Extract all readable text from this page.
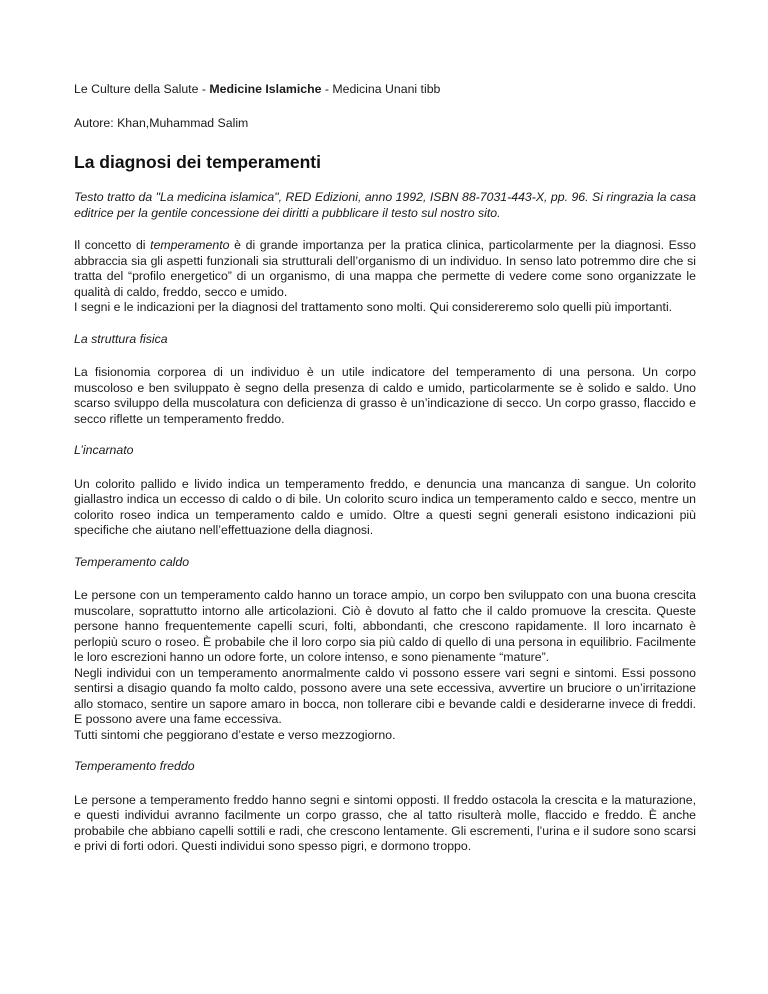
Le Culture della Salute - Medicine Islamiche - Medicina Unani tibb
Autore: Khan,Muhammad Salim
La diagnosi dei temperamenti

Testo tratto da "La medicina islamica", RED Edizioni, anno 1992, ISBN 88-7031-443-X, pp. 96. Si ringrazia la casa editrice per la gentile concessione dei diritti a pubblicare il testo sul nostro sito.

Il concetto di temperamento è di grande importanza per la pratica clinica, particolarmente per la diagnosi. Esso abbraccia sia gli aspetti funzionali sia strutturali dell’organismo di un individuo. In senso lato potremmo dire che si tratta del “profilo energetico” di un organismo, di una mappa che permette di vedere come sono organizzate le qualità di caldo, freddo, secco e umido.

I segni e le indicazioni per la diagnosi del trattamento sono molti. Qui considereremo solo quelli più importanti.

La struttura fisica

La fisionomia corporea di un individuo è un utile indicatore del temperamento di una persona. Un corpo muscoloso e ben sviluppato è segno della presenza di caldo e umido, particolarmente se è solido e saldo. Uno scarso sviluppo della muscolatura con deficienza di grasso è un’indicazione di secco. Un corpo grasso, flaccido e secco riflette un temperamento freddo.

L’incarnato

Un colorito pallido e livido indica un temperamento freddo, e denuncia una mancanza di sangue. Un colorito giallastro indica un eccesso di caldo o di bile. Un colorito scuro indica un temperamento caldo e secco, mentre un colorito roseo indica un temperamento caldo e umido. Oltre a questi segni generali esistono indicazioni più specifiche che aiutano nell’effettuazione della diagnosi.

Temperamento caldo

Le persone con un temperamento caldo hanno un torace ampio, un corpo ben sviluppato con una buona crescita muscolare, soprattutto intorno alle articolazioni. Ciò è dovuto al fatto che il caldo promuove la crescita. Queste persone hanno frequentemente capelli scuri, folti, abbondanti, che crescono rapidamente. Il loro incarnato è perlopiù scuro o roseo. È probabile che il loro corpo sia più caldo di quello di una persona in equilibrio. Facilmente le loro escrezioni hanno un odore forte, un colore intenso, e sono pienamente “mature”.

Negli individui con un temperamento anormalmente caldo vi possono essere vari segni e sintomi. Essi possono sentirsi a disagio quando fa molto caldo, possono avere una sete eccessiva, avvertire un bruciore o un’irritazione allo stomaco, sentire un sapore amaro in bocca, non tollerare cibi e bevande caldi e desiderarne invece di freddi. E possono avere una fame eccessiva.

Tutti sintomi che peggiorano d’estate e verso mezzogiorno.

Temperamento freddo

Le persone a temperamento freddo hanno segni e sintomi opposti. Il freddo ostacola la crescita e la maturazione, e questi individui avranno facilmente un corpo grasso, che al tatto risulterà molle, flaccido e freddo. È anche probabile che abbiano capelli sottili e radi, che crescono lentamente. Gli escrementi, l’urina e il sudore sono scarsi e privi di forti odori. Questi individui sono spesso pigri, e dormono troppo.
